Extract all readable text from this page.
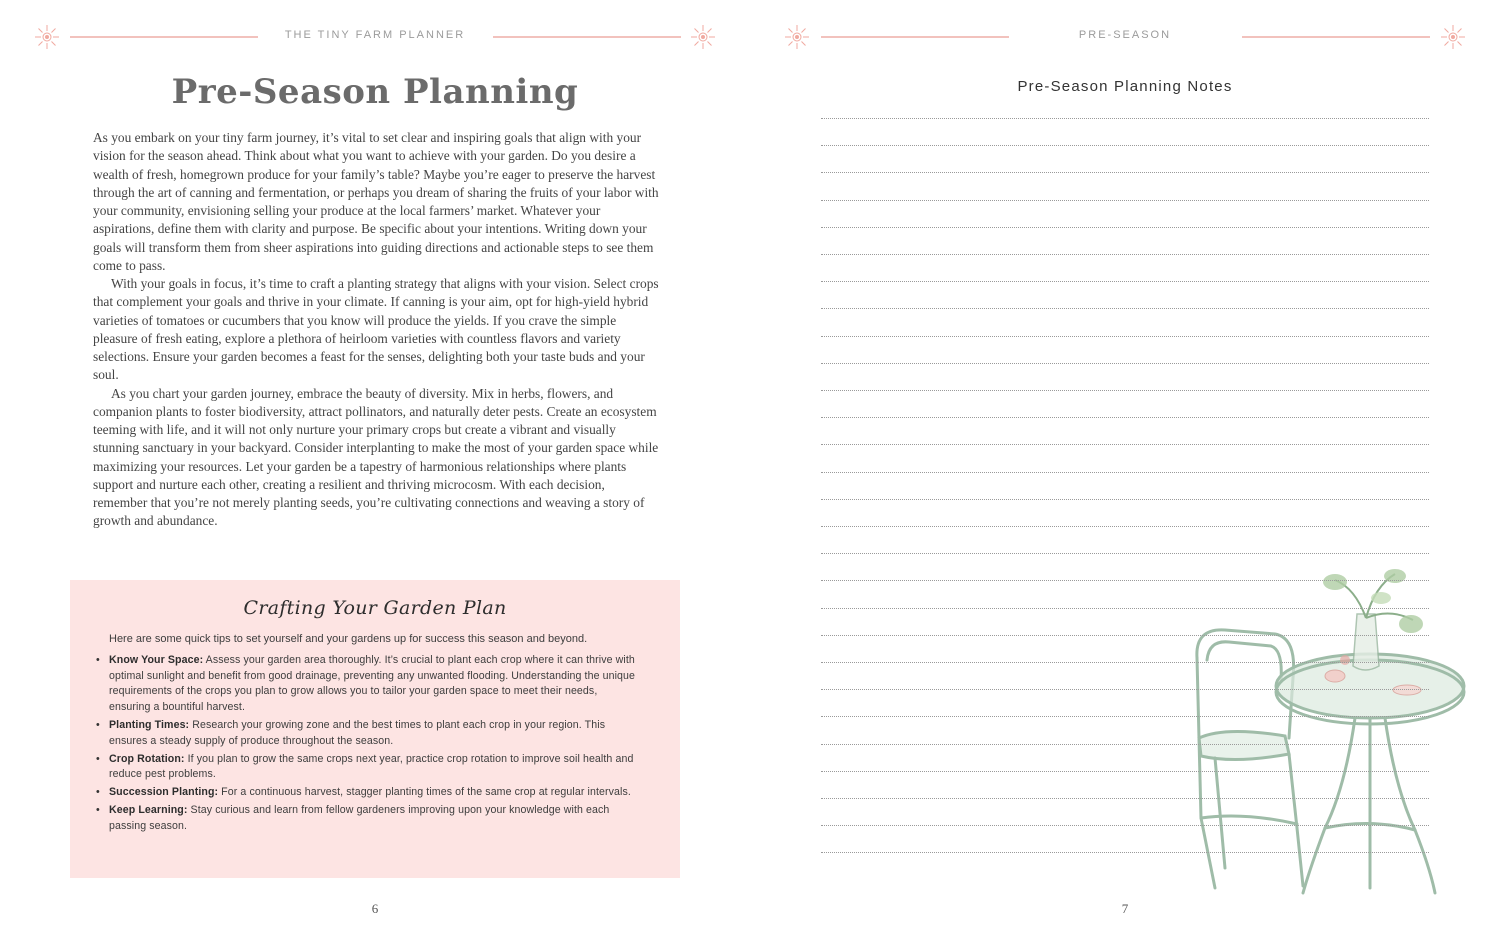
THE TINY FARM PLANNER
Pre-Season Planning

As you embark on your tiny farm journey, it’s vital to set clear and inspiring goals that align with your vision for the season ahead. Think about what you want to achieve with your garden. Do you desire a wealth of fresh, homegrown produce for your family’s table? Maybe you’re eager to preserve the harvest through the art of canning and fermentation, or perhaps you dream of sharing the fruits of your labor with your community, envisioning selling your produce at the local farmers’ market. Whatever your aspirations, define them with clarity and purpose. Be specific about your intentions. Writing down your goals will transform them from sheer aspirations into guiding directions and actionable steps to see them come to pass.

With your goals in focus, it’s time to craft a planting strategy that aligns with your vision. Select crops that complement your goals and thrive in your climate. If canning is your aim, opt for high-yield hybrid varieties of tomatoes or cucumbers that you know will produce the yields. If you crave the simple pleasure of fresh eating, explore a plethora of heirloom varieties with countless flavors and variety selections. Ensure your garden becomes a feast for the senses, delighting both your taste buds and your soul.

As you chart your garden journey, embrace the beauty of diversity. Mix in herbs, flowers, and companion plants to foster biodiversity, attract pollinators, and naturally deter pests. Create an ecosystem teeming with life, and it will not only nurture your primary crops but create a vibrant and visually stunning sanctuary in your backyard. Consider interplanting to make the most of your garden space while maximizing your resources. Let your garden be a tapestry of harmonious relationships where plants support and nurture each other, creating a resilient and thriving microcosm. With each decision, remember that you’re not merely planting seeds, you’re cultivating connections and weaving a story of growth and abundance.

Crafting Your Garden Plan
Here are some quick tips to set yourself and your gardens up for success this season and beyond.
• Know Your Space: Assess your garden area thoroughly. It’s crucial to plant each crop where it can thrive with optimal sunlight and benefit from good drainage, preventing any unwanted flooding. Understanding the unique requirements of the crops you plan to grow allows you to tailor your garden space to meet their needs, ensuring a bountiful harvest.
• Planting Times: Research your growing zone and the best times to plant each crop in your region. This ensures a steady supply of produce throughout the season.
• Crop Rotation: If you plan to grow the same crops next year, practice crop rotation to improve soil health and reduce pest problems.
• Succession Planting: For a continuous harvest, stagger planting times of the same crop at regular intervals.
• Keep Learning: Stay curious and learn from fellow gardeners improving upon your knowledge with each passing season.
6
PRE-SEASON
Pre-Season Planning Notes
7
